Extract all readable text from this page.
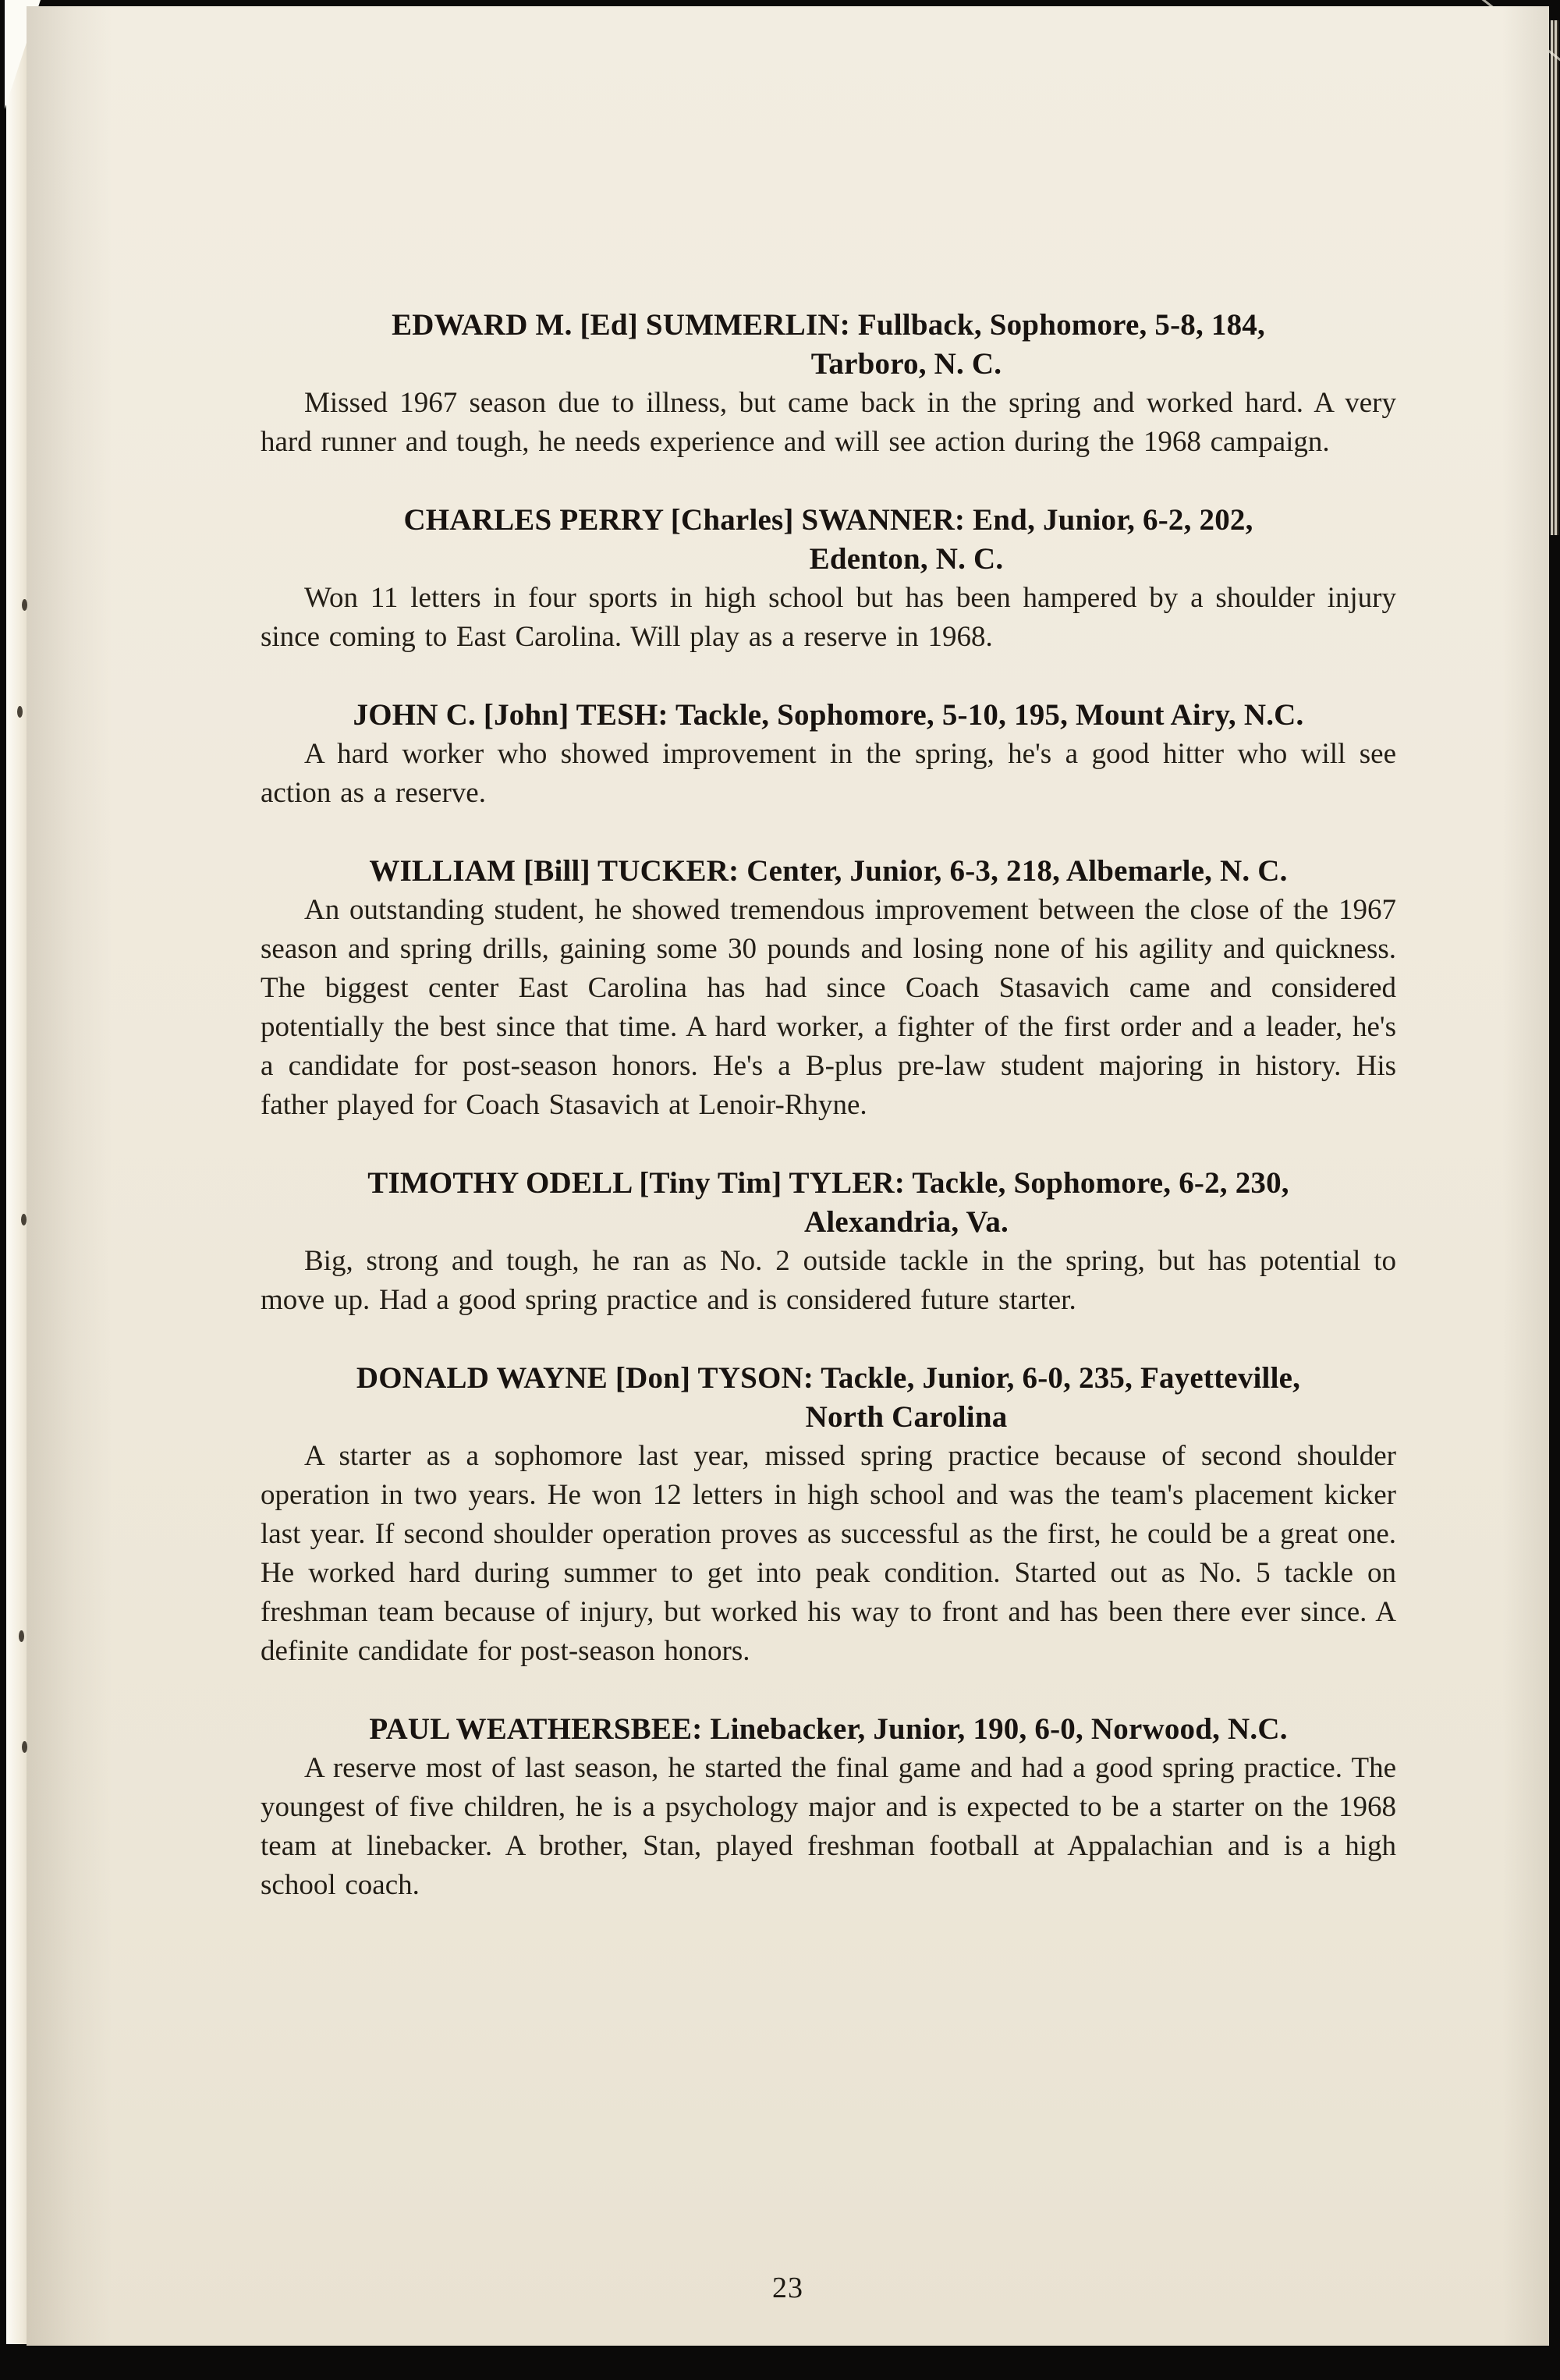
EDWARD M. [Ed] SUMMERLIN: Fullback, Sophomore, 5-8, 184,
Tarboro, N. C.

Missed 1967 season due to illness, but came back in the spring and worked hard. A very hard runner and tough, he needs experience and will see action during the 1968 campaign.

CHARLES PERRY [Charles] SWANNER: End, Junior, 6-2, 202,
Edenton, N. C.

Won 11 letters in four sports in high school but has been hampered by a shoulder injury since coming to East Carolina. Will play as a reserve in 1968.

JOHN C. [John] TESH: Tackle, Sophomore, 5-10, 195, Mount Airy, N.C.

A hard worker who showed improvement in the spring, he's a good hitter who will see action as a reserve.

WILLIAM [Bill] TUCKER: Center, Junior, 6-3, 218, Albemarle, N. C.

An outstanding student, he showed tremendous improvement between the close of the 1967 season and spring drills, gaining some 30 pounds and losing none of his agility and quickness. The biggest center East Carolina has had since Coach Stasavich came and considered potentially the best since that time. A hard worker, a fighter of the first order and a leader, he's a candidate for post-season honors. He's a B-plus pre-law student majoring in history. His father played for Coach Stasavich at Lenoir-Rhyne.

TIMOTHY ODELL [Tiny Tim] TYLER: Tackle, Sophomore, 6-2, 230,
Alexandria, Va.

Big, strong and tough, he ran as No. 2 outside tackle in the spring, but has potential to move up. Had a good spring practice and is considered future starter.

DONALD WAYNE [Don] TYSON: Tackle, Junior, 6-0, 235, Fayetteville,
North Carolina

A starter as a sophomore last year, missed spring practice because of second shoulder operation in two years. He won 12 letters in high school and was the team's placement kicker last year. If second shoulder operation proves as successful as the first, he could be a great one. He worked hard during summer to get into peak condition. Started out as No. 5 tackle on freshman team because of injury, but worked his way to front and has been there ever since. A definite candidate for post-season honors.

PAUL WEATHERSBEE: Linebacker, Junior, 190, 6-0, Norwood, N.C.

A reserve most of last season, he started the final game and had a good spring practice. The youngest of five children, he is a psychology major and is expected to be a starter on the 1968 team at linebacker. A brother, Stan, played freshman football at Appalachian and is a high school coach.

23
